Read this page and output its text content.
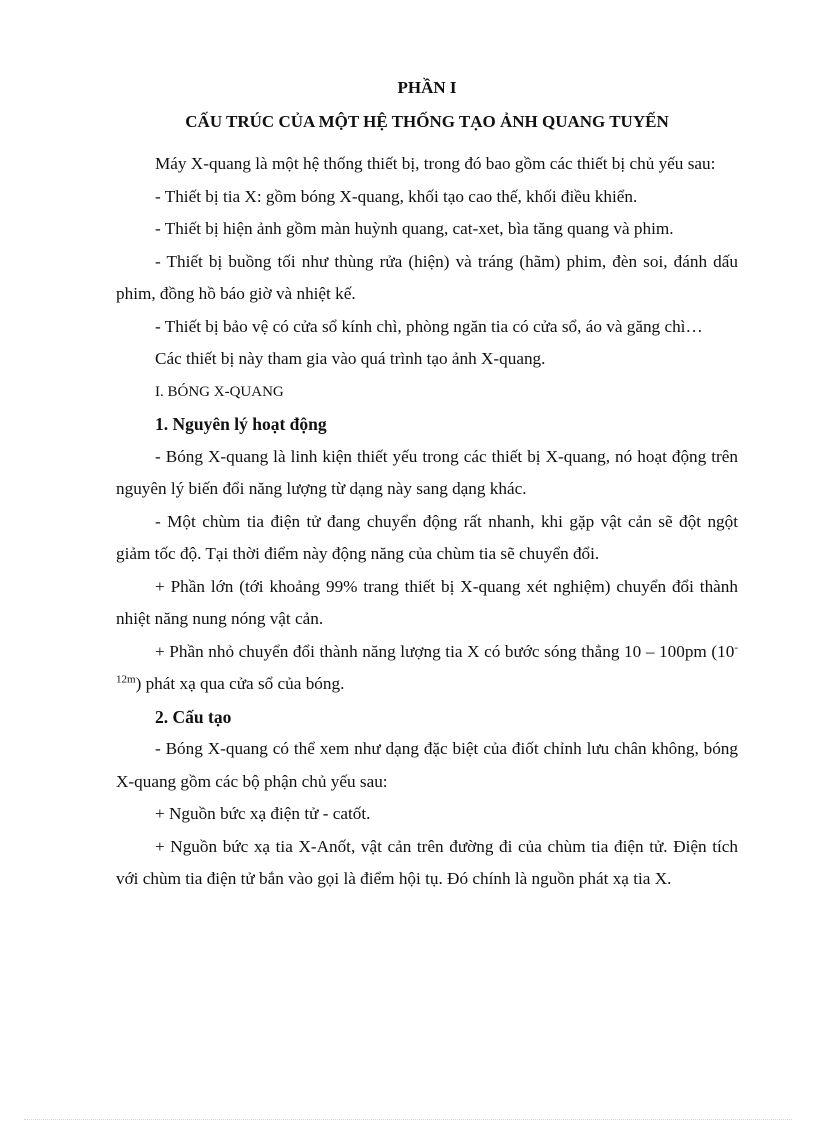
PHẦN I
CẤU TRÚC CỦA MỘT HỆ THỐNG TẠO ẢNH QUANG TUYẾN

Máy X-quang là một hệ thống thiết bị, trong đó bao gồm các thiết bị chủ yếu sau:

- Thiết bị tia X: gồm bóng X-quang, khối tạo cao thế, khối điều khiển.

- Thiết bị hiện ảnh gồm màn huỳnh quang, cat-xet, bìa tăng quang và phim.

- Thiết bị buồng tối như thùng rửa (hiện) và tráng (hãm) phim, đèn soi, đánh dấu phim, đồng hồ báo giờ và nhiệt kế.

- Thiết bị bảo vệ có cửa sổ kính chì, phòng ngăn tia có cửa sổ, áo và găng chì…

Các thiết bị này tham gia vào quá trình tạo ảnh X-quang.

I. BÓNG X-QUANG

1. Nguyên lý hoạt động

- Bóng X-quang là linh kiện thiết yếu trong các thiết bị X-quang, nó hoạt động trên nguyên lý biến đổi năng lượng từ dạng này sang dạng khác.

- Một chùm tia điện tử đang chuyển động rất nhanh, khi gặp vật cản sẽ đột ngột giảm tốc độ. Tại thời điểm này động năng của chùm tia sẽ chuyển đổi.

+ Phần lớn (tới khoảng 99% trang thiết bị X-quang xét nghiệm) chuyển đổi thành nhiệt năng nung nóng vật cản.

+ Phần nhỏ chuyển đổi thành năng lượng tia X có bước sóng thẳng 10 – 100pm $(10^{-12m})$ phát xạ qua cửa sổ của bóng.

2. Cấu tạo

- Bóng X-quang có thể xem như dạng đặc biệt của điốt chỉnh lưu chân không, bóng X-quang gồm các bộ phận chủ yếu sau:

+ Nguồn bức xạ điện tử - catốt.

+ Nguồn bức xạ tia X-Anốt, vật cản trên đường đi của chùm tia điện tử. Điện tích với chùm tia điện tử bắn vào gọi là điểm hội tụ. Đó chính là nguồn phát xạ tia X.
